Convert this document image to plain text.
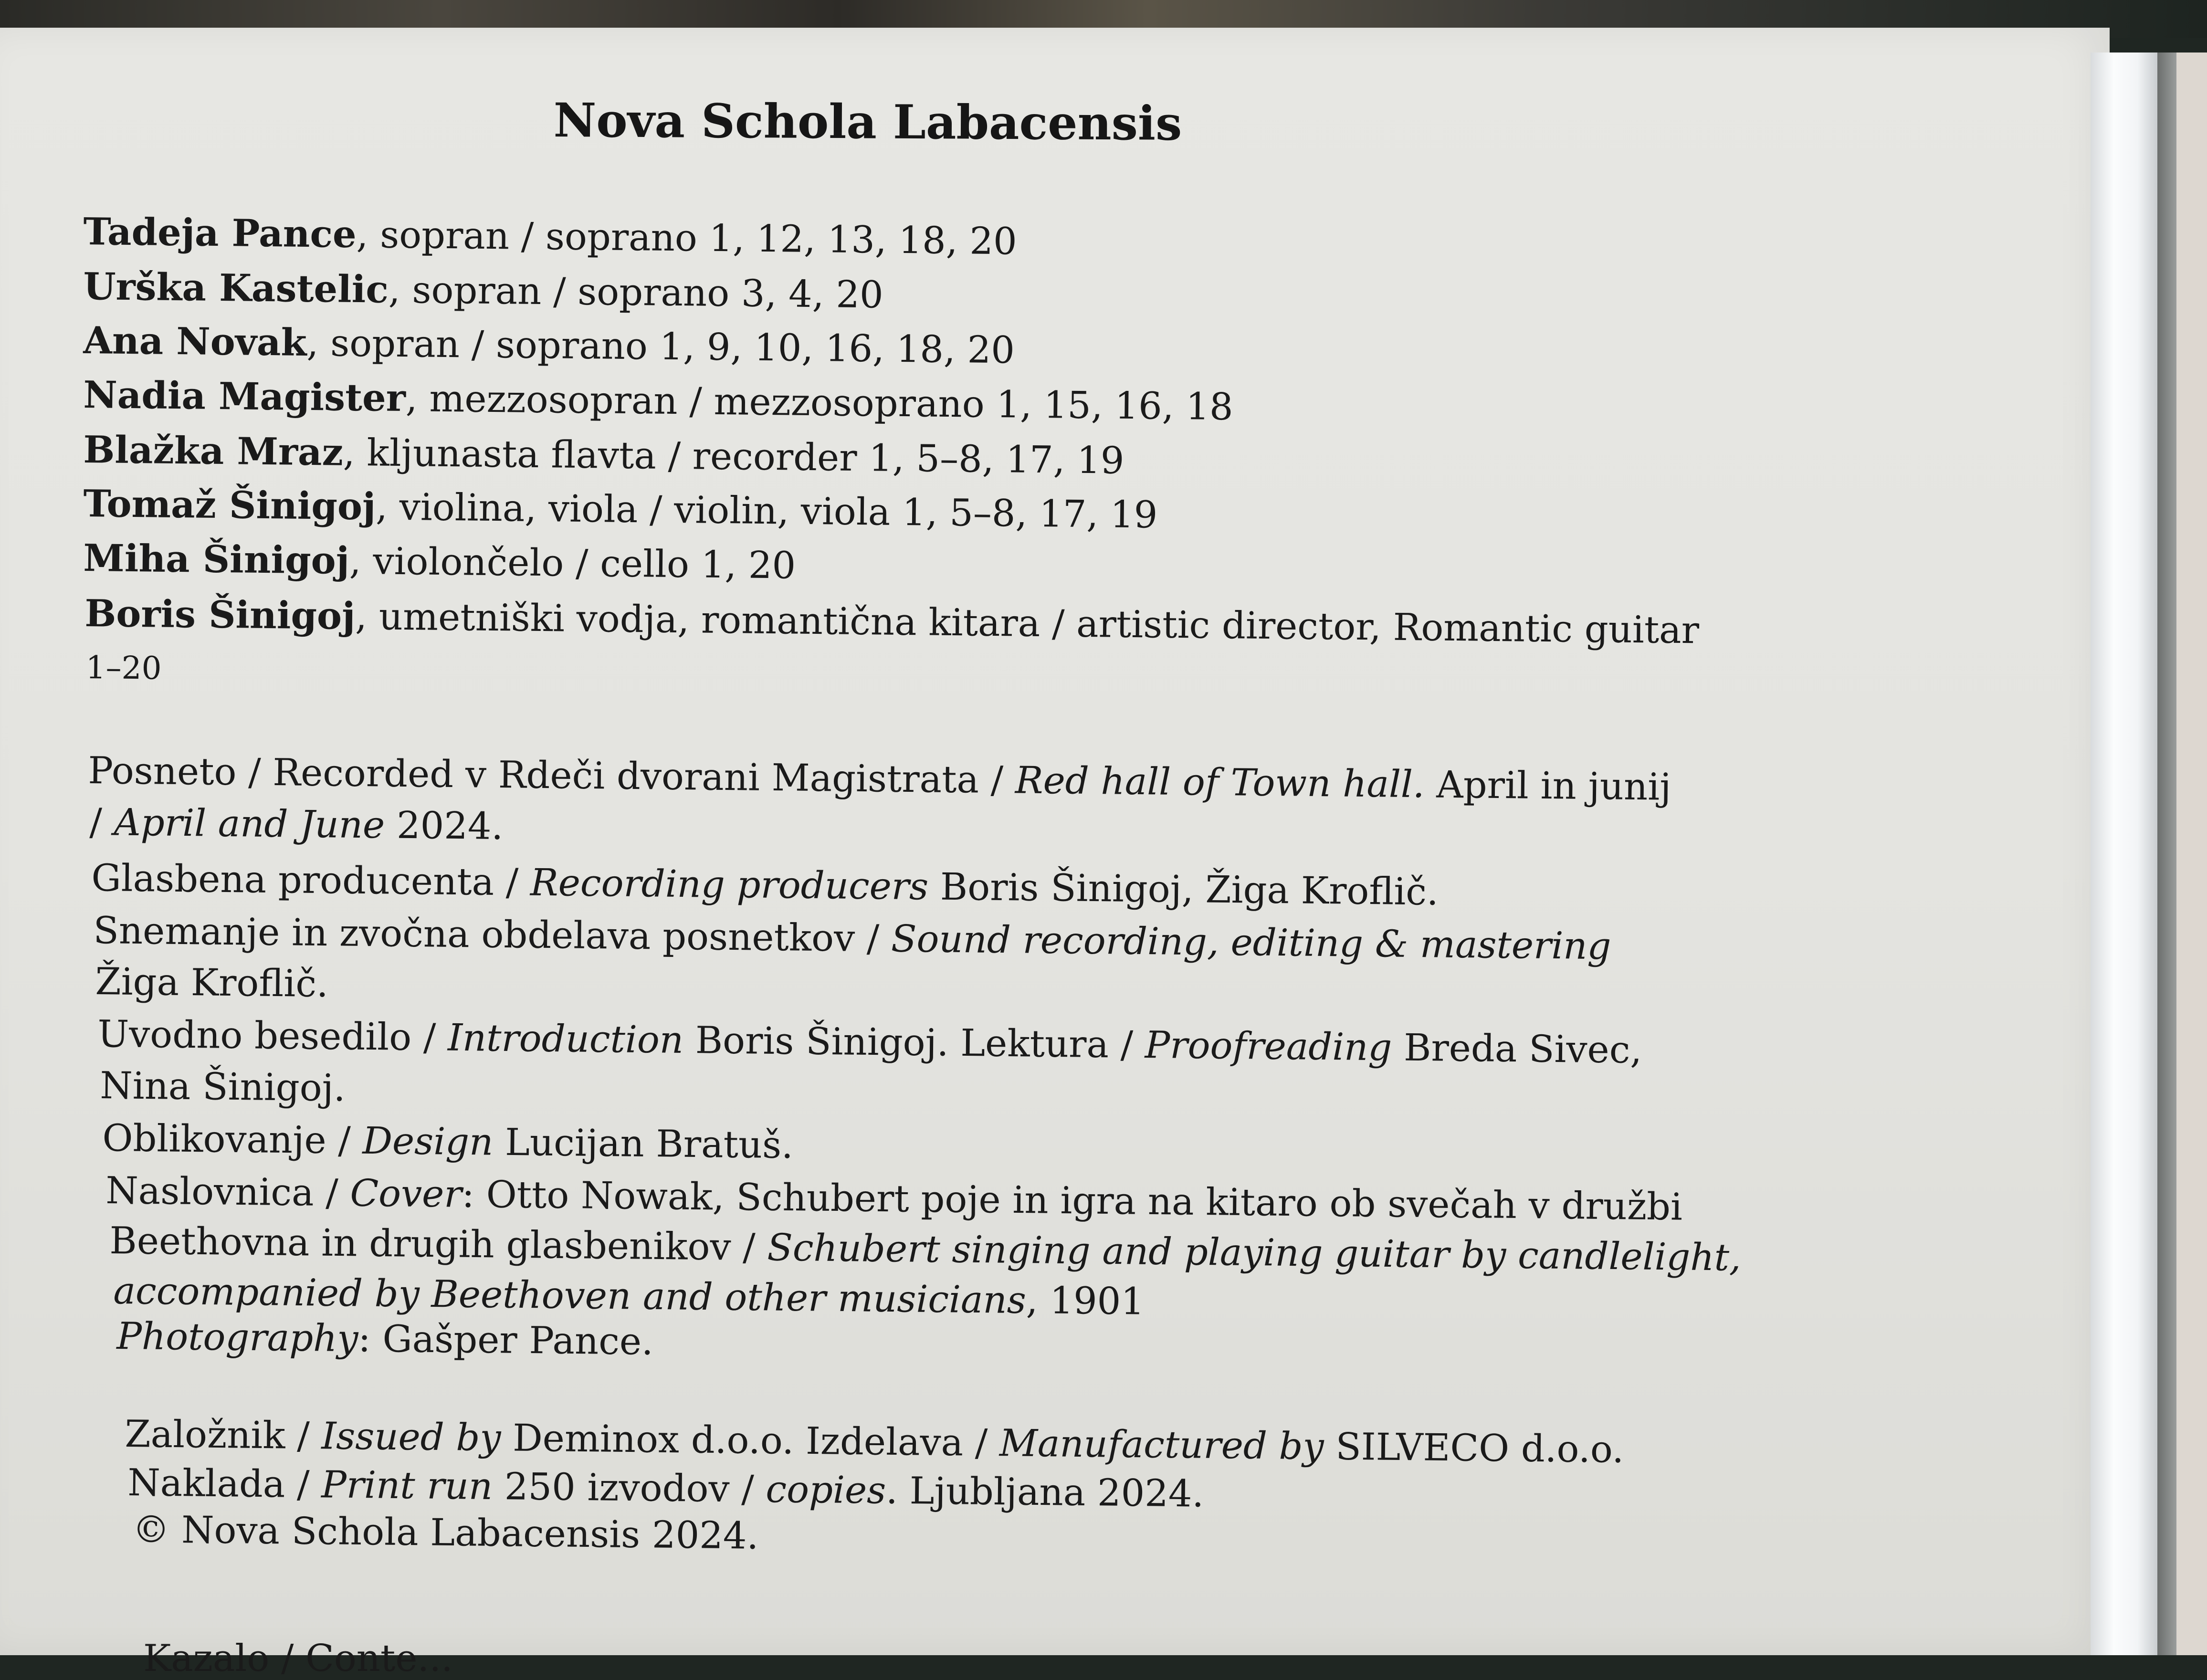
Nova Schola Labacensis
Tadeja Pance, sopran / soprano 1, 12, 13, 18, 20
Urška Kastelic, sopran / soprano 3, 4, 20
Ana Novak, sopran / soprano 1, 9, 10, 16, 18, 20
Nadia Magister, mezzosopran / mezzosoprano 1, 15, 16, 18
Blažka Mraz, kljunasta flavta / recorder 1, 5–8, 17, 19
Tomaž Šinigoj, violina, viola / violin, viola 1, 5–8, 17, 19
Miha Šinigoj, violončelo / cello 1, 20
Boris Šinigoj, umetniški vodja, romantična kitara / artistic director, Romantic guitar
1–20
Posneto / Recorded v Rdeči dvorani Magistrata / Red hall of Town hall. April in junij
/ April and June 2024.
Glasbena producenta / Recording producers Boris Šinigoj, Žiga Kroflič.
Snemanje in zvočna obdelava posnetkov / Sound recording, editing & mastering
Žiga Kroflič.
Uvodno besedilo / Introduction Boris Šinigoj. Lektura / Proofreading Breda Sivec,
Nina Šinigoj.
Oblikovanje / Design Lucijan Bratuš.
Naslovnica / Cover: Otto Nowak, Schubert poje in igra na kitaro ob svečah v družbi
Beethovna in drugih glasbenikov / Schubert singing and playing guitar by candlelight,
accompanied by Beethoven and other musicians, 1901
Photography: Gašper Pance.
Založnik / Issued by Deminox d.o.o. Izdelava / Manufactured by SILVECO d.o.o.
Naklada / Print run 250 izvodov / copies. Ljubljana 2024.
© Nova Schola Labacensis 2024.
Kazalo / Conte...
